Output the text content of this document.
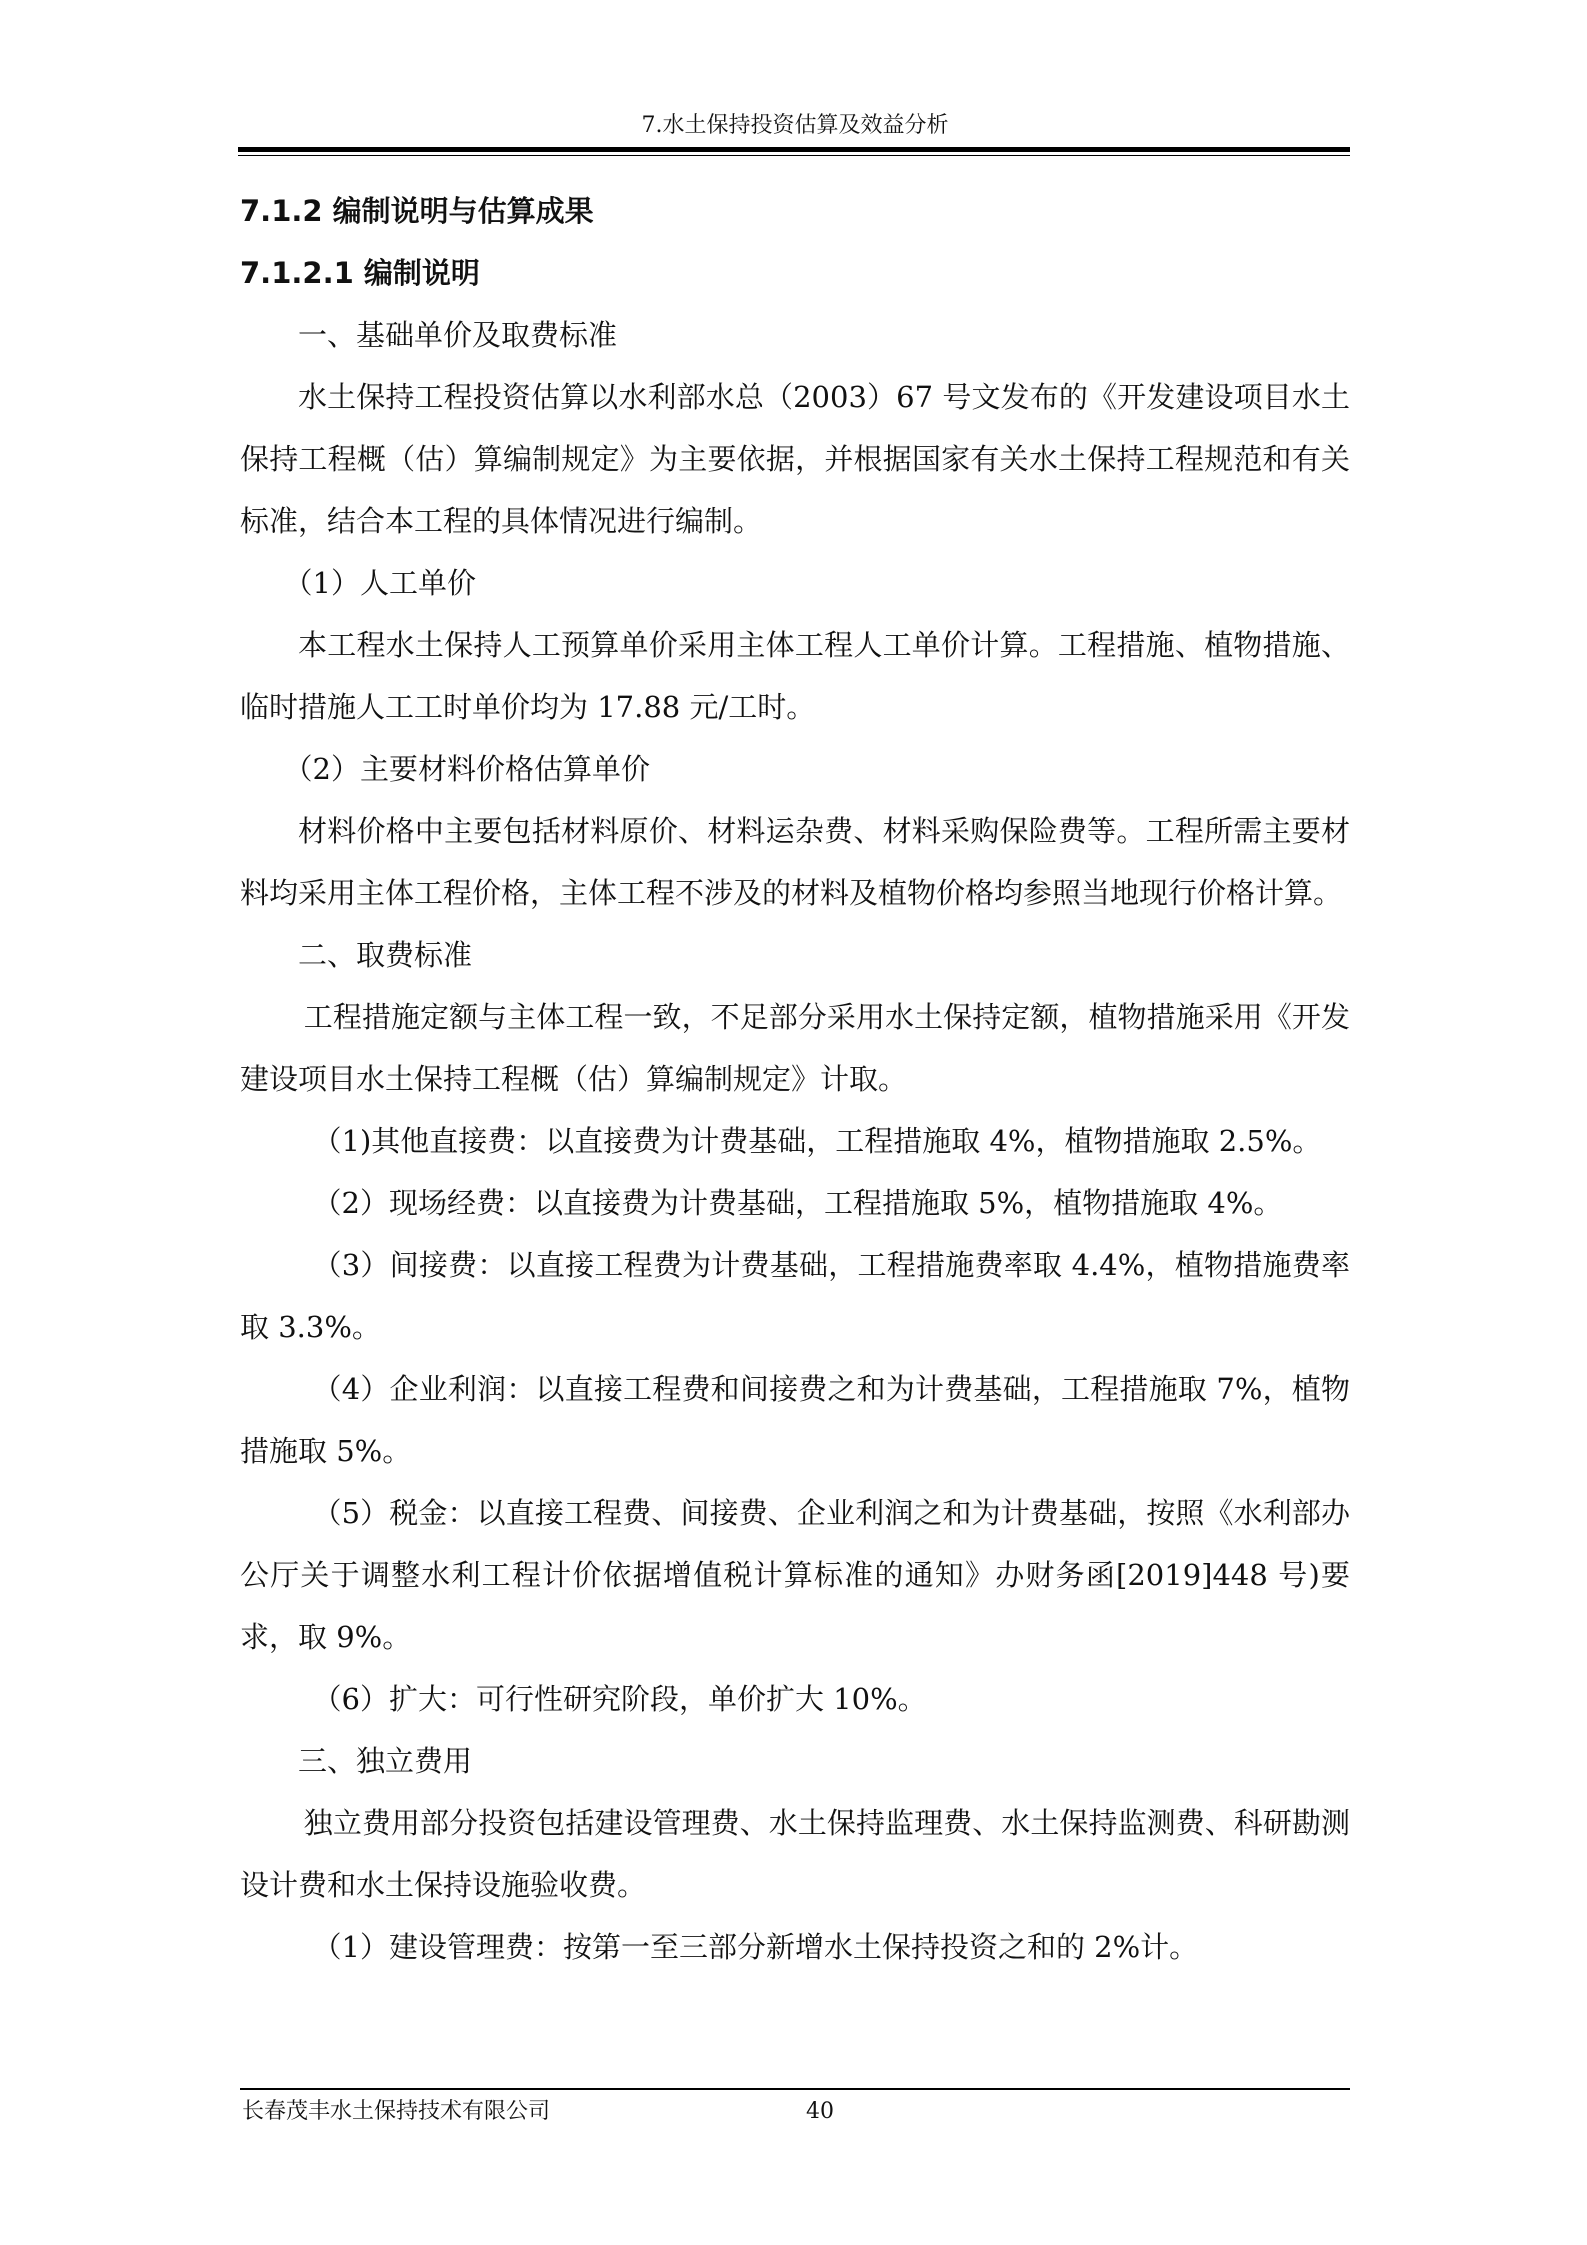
7.水土保持投资估算及效益分析
7.1.2 编制说明与估算成果
7.1.2.1 编制说明
一、基础单价及取费标准
水土保持工程投资估算以水利部水总（2003）67 号文发布的《开发建设项目水土保持工程概（估）算编制规定》为主要依据，并根据国家有关水土保持工程规范和有关标准，结合本工程的具体情况进行编制。
（1）人工单价
本工程水土保持人工预算单价采用主体工程人工单价计算。工程措施、植物措施、临时措施人工工时单价均为 17.88 元/工时。
（2）主要材料价格估算单价
材料价格中主要包括材料原价、材料运杂费、材料采购保险费等。工程所需主要材料均采用主体工程价格，主体工程不涉及的材料及植物价格均参照当地现行价格计算。
二、取费标准
工程措施定额与主体工程一致，不足部分采用水土保持定额，植物措施采用《开发建设项目水土保持工程概（估）算编制规定》计取。
（1)其他直接费：以直接费为计费基础，工程措施取 4%，植物措施取 2.5%。
（2）现场经费：以直接费为计费基础，工程措施取 5%，植物措施取 4%。
（3）间接费：以直接工程费为计费基础，工程措施费率取 4.4%，植物措施费率取 3.3%。
（4）企业利润：以直接工程费和间接费之和为计费基础，工程措施取 7%，植物措施取 5%。
（5）税金：以直接工程费、间接费、企业利润之和为计费基础，按照《水利部办公厅关于调整水利工程计价依据增值税计算标准的通知》办财务函[2019]448 号)要求，取 9%。
（6）扩大：可行性研究阶段，单价扩大 10%。
三、独立费用
独立费用部分投资包括建设管理费、水土保持监理费、水土保持监测费、科研勘测设计费和水土保持设施验收费。
（1）建设管理费：按第一至三部分新增水土保持投资之和的 2%计。
长春茂丰水土保持技术有限公司	40
